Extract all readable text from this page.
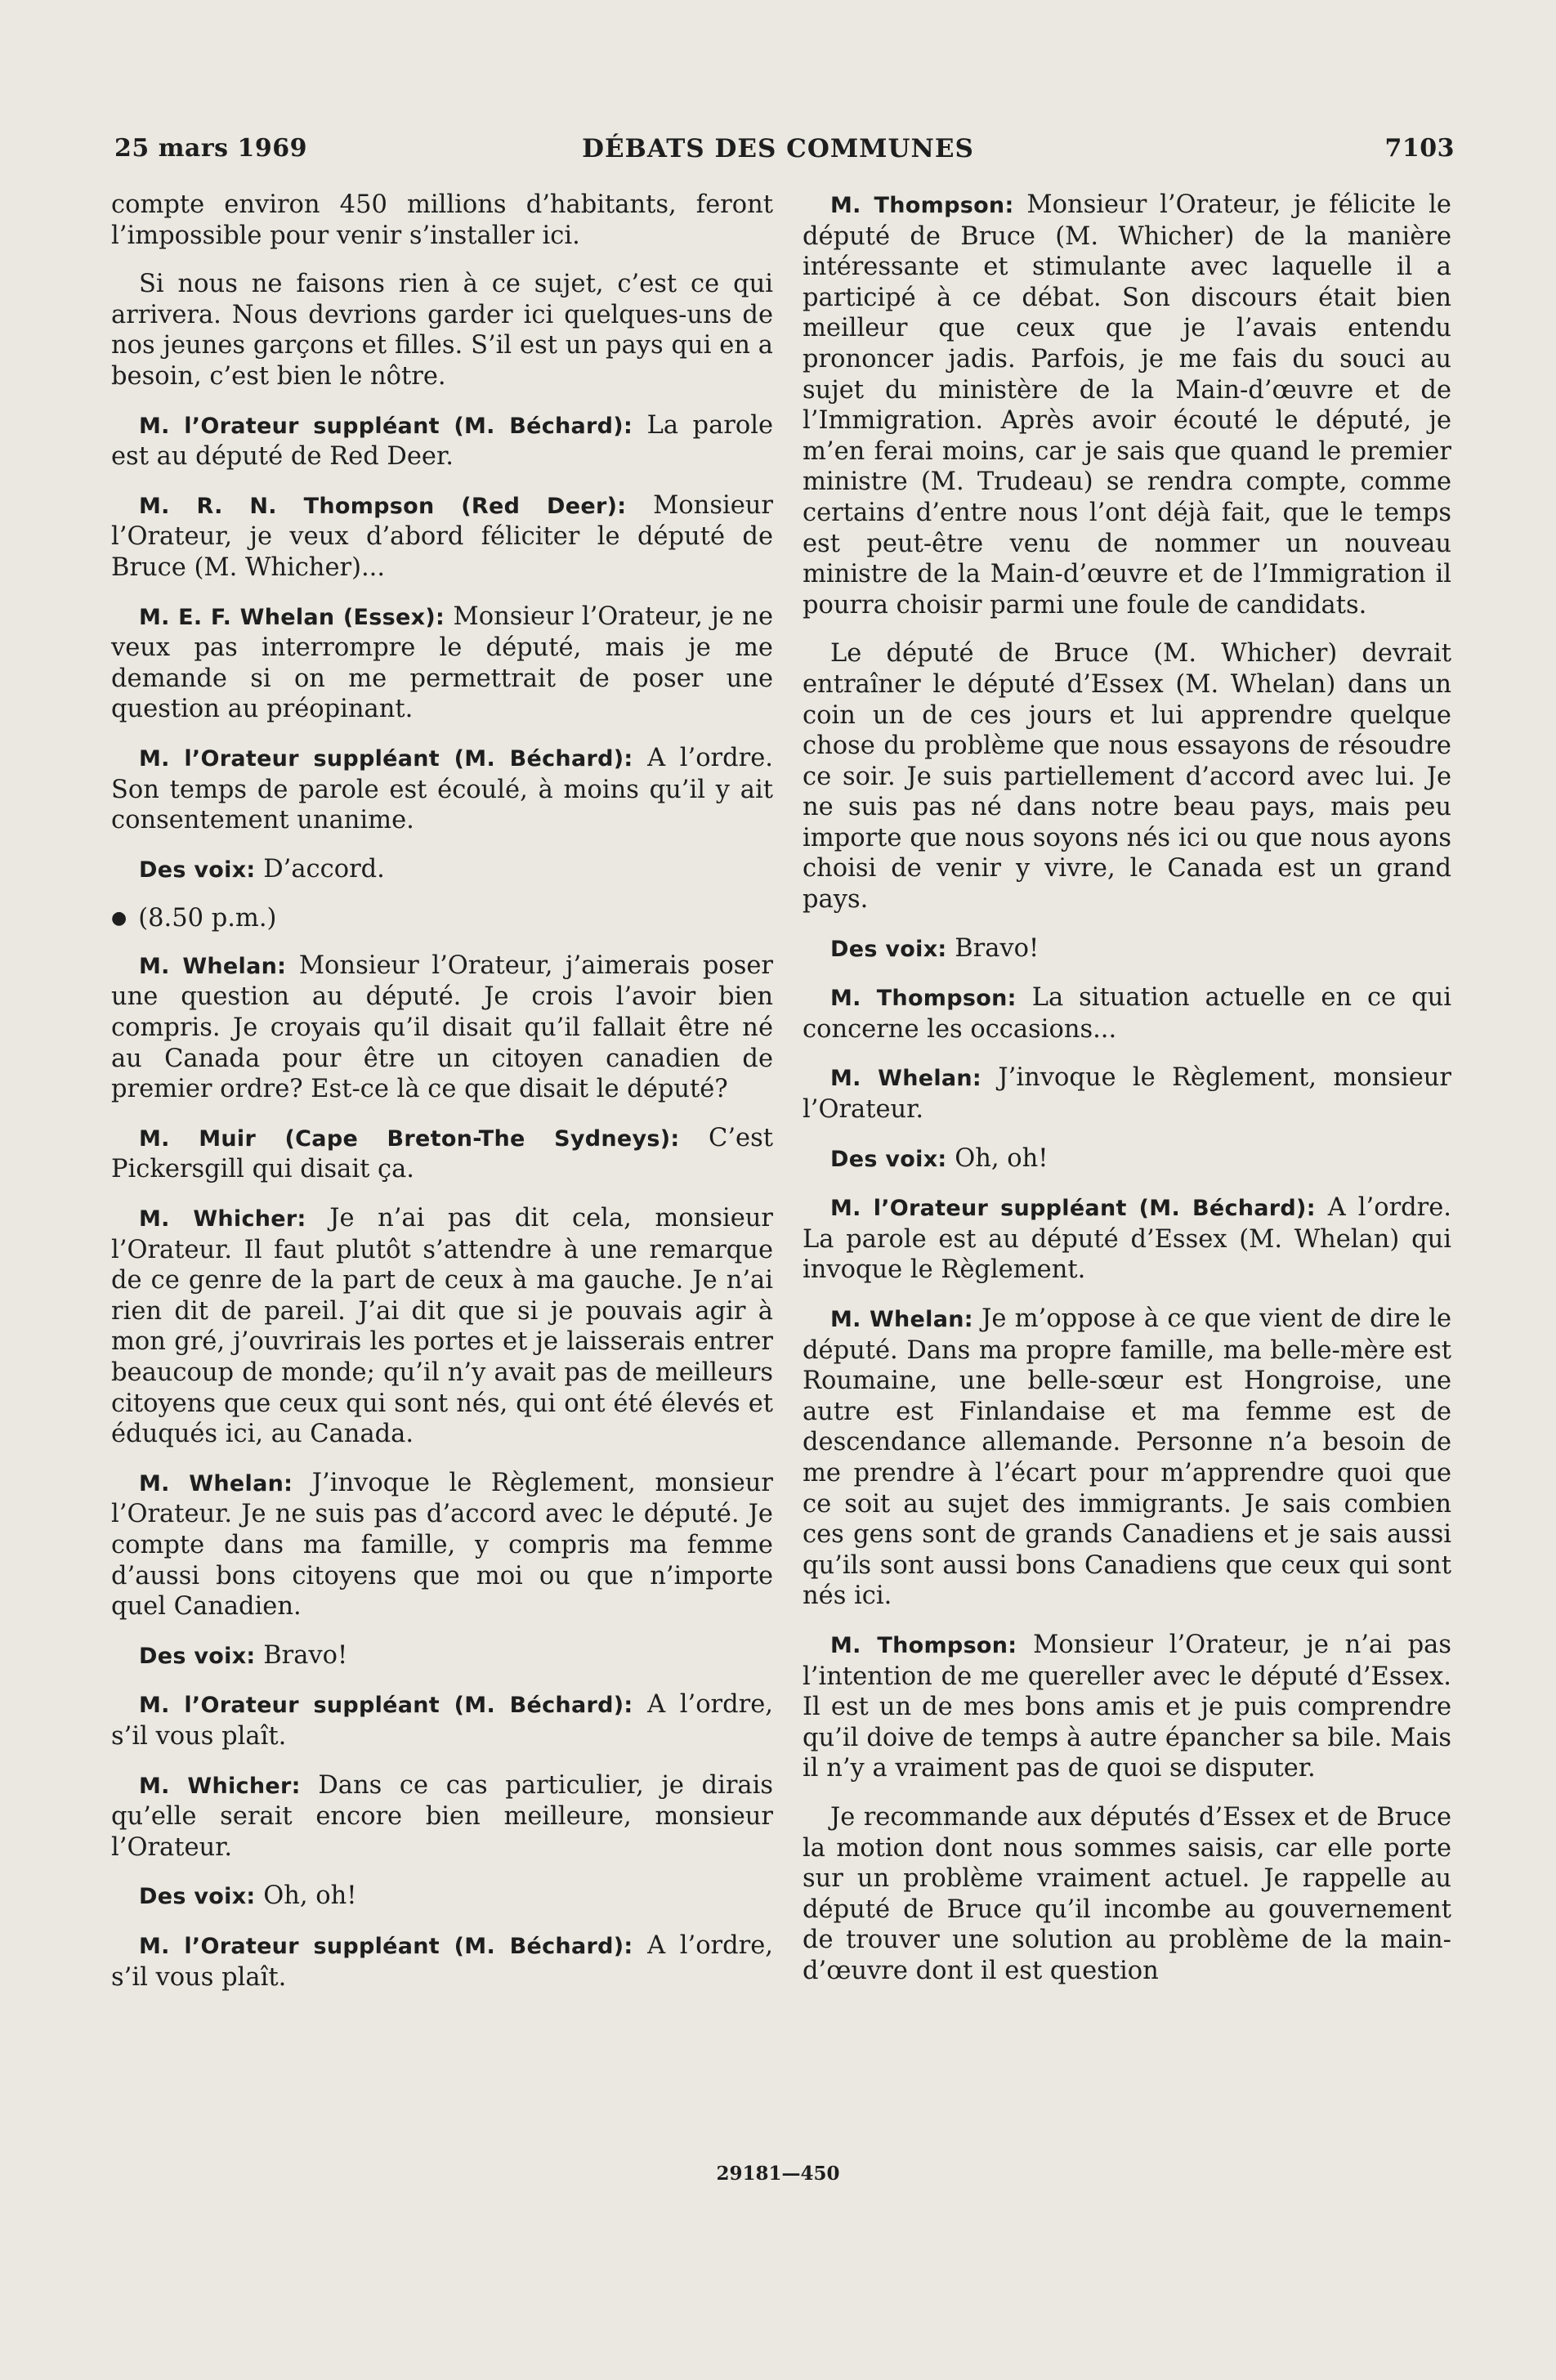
25 mars 1969	DÉBATS DES COMMUNES	7103

compte environ 450 millions d’habitants, feront l’impossible pour venir s’installer ici.

Si nous ne faisons rien à ce sujet, c’est ce qui arrivera. Nous devrions garder ici quelques-uns de nos jeunes garçons et filles. S’il est un pays qui en a besoin, c’est bien le nôtre.

M. l’Orateur suppléant (M. Béchard): La parole est au député de Red Deer.

M. R. N. Thompson (Red Deer): Monsieur l’Orateur, je veux d’abord féliciter le député de Bruce (M. Whicher)...

M. E. F. Whelan (Essex): Monsieur l’Orateur, je ne veux pas interrompre le député, mais je me demande si on me permettrait de poser une question au préopinant.

M. l’Orateur suppléant (M. Béchard): A l’ordre. Son temps de parole est écoulé, à moins qu’il y ait consentement unanime.

Des voix: D’accord.

● (8.50 p.m.)

M. Whelan: Monsieur l’Orateur, j’aimerais poser une question au député. Je crois l’avoir bien compris. Je croyais qu’il disait qu’il fallait être né au Canada pour être un citoyen canadien de premier ordre? Est-ce là ce que disait le député?

M. Muir (Cape Breton-The Sydneys): C’est Pickersgill qui disait ça.

M. Whicher: Je n’ai pas dit cela, monsieur l’Orateur. Il faut plutôt s’attendre à une remarque de ce genre de la part de ceux à ma gauche. Je n’ai rien dit de pareil. J’ai dit que si je pouvais agir à mon gré, j’ouvrirais les portes et je laisserais entrer beaucoup de monde; qu’il n’y avait pas de meilleurs citoyens que ceux qui sont nés, qui ont été élevés et éduqués ici, au Canada.

M. Whelan: J’invoque le Règlement, monsieur l’Orateur. Je ne suis pas d’accord avec le député. Je compte dans ma famille, y compris ma femme d’aussi bons citoyens que moi ou que n’importe quel Canadien.

Des voix: Bravo!

M. l’Orateur suppléant (M. Béchard): A l’ordre, s’il vous plaît.

M. Whicher: Dans ce cas particulier, je dirais qu’elle serait encore bien meilleure, monsieur l’Orateur.

Des voix: Oh, oh!

M. l’Orateur suppléant (M. Béchard): A l’ordre, s’il vous plaît.

M. Thompson: Monsieur l’Orateur, je félicite le député de Bruce (M. Whicher) de la manière intéressante et stimulante avec laquelle il a participé à ce débat. Son discours était bien meilleur que ceux que je l’avais entendu prononcer jadis. Parfois, je me fais du souci au sujet du ministère de la Main-d’œuvre et de l’Immigration. Après avoir écouté le député, je m’en ferai moins, car je sais que quand le premier ministre (M. Trudeau) se rendra compte, comme certains d’entre nous l’ont déjà fait, que le temps est peut-être venu de nommer un nouveau ministre de la Main-d’œuvre et de l’Immigration il pourra choisir parmi une foule de candidats.

Le député de Bruce (M. Whicher) devrait entraîner le député d’Essex (M. Whelan) dans un coin un de ces jours et lui apprendre quelque chose du problème que nous essayons de résoudre ce soir. Je suis partiellement d’accord avec lui. Je ne suis pas né dans notre beau pays, mais peu importe que nous soyons nés ici ou que nous ayons choisi de venir y vivre, le Canada est un grand pays.

Des voix: Bravo!

M. Thompson: La situation actuelle en ce qui concerne les occasions...

M. Whelan: J’invoque le Règlement, monsieur l’Orateur.

Des voix: Oh, oh!

M. l’Orateur suppléant (M. Béchard): A l’ordre. La parole est au député d’Essex (M. Whelan) qui invoque le Règlement.

M. Whelan: Je m’oppose à ce que vient de dire le député. Dans ma propre famille, ma belle-mère est Roumaine, une belle-sœur est Hongroise, une autre est Finlandaise et ma femme est de descendance allemande. Personne n’a besoin de me prendre à l’écart pour m’apprendre quoi que ce soit au sujet des immigrants. Je sais combien ces gens sont de grands Canadiens et je sais aussi qu’ils sont aussi bons Canadiens que ceux qui sont nés ici.

M. Thompson: Monsieur l’Orateur, je n’ai pas l’intention de me quereller avec le député d’Essex. Il est un de mes bons amis et je puis comprendre qu’il doive de temps à autre épancher sa bile. Mais il n’y a vraiment pas de quoi se disputer.

Je recommande aux députés d’Essex et de Bruce la motion dont nous sommes saisis, car elle porte sur un problème vraiment actuel. Je rappelle au député de Bruce qu’il incombe au gouvernement de trouver une solution au problème de la main-d’œuvre dont il est question

29181—450
